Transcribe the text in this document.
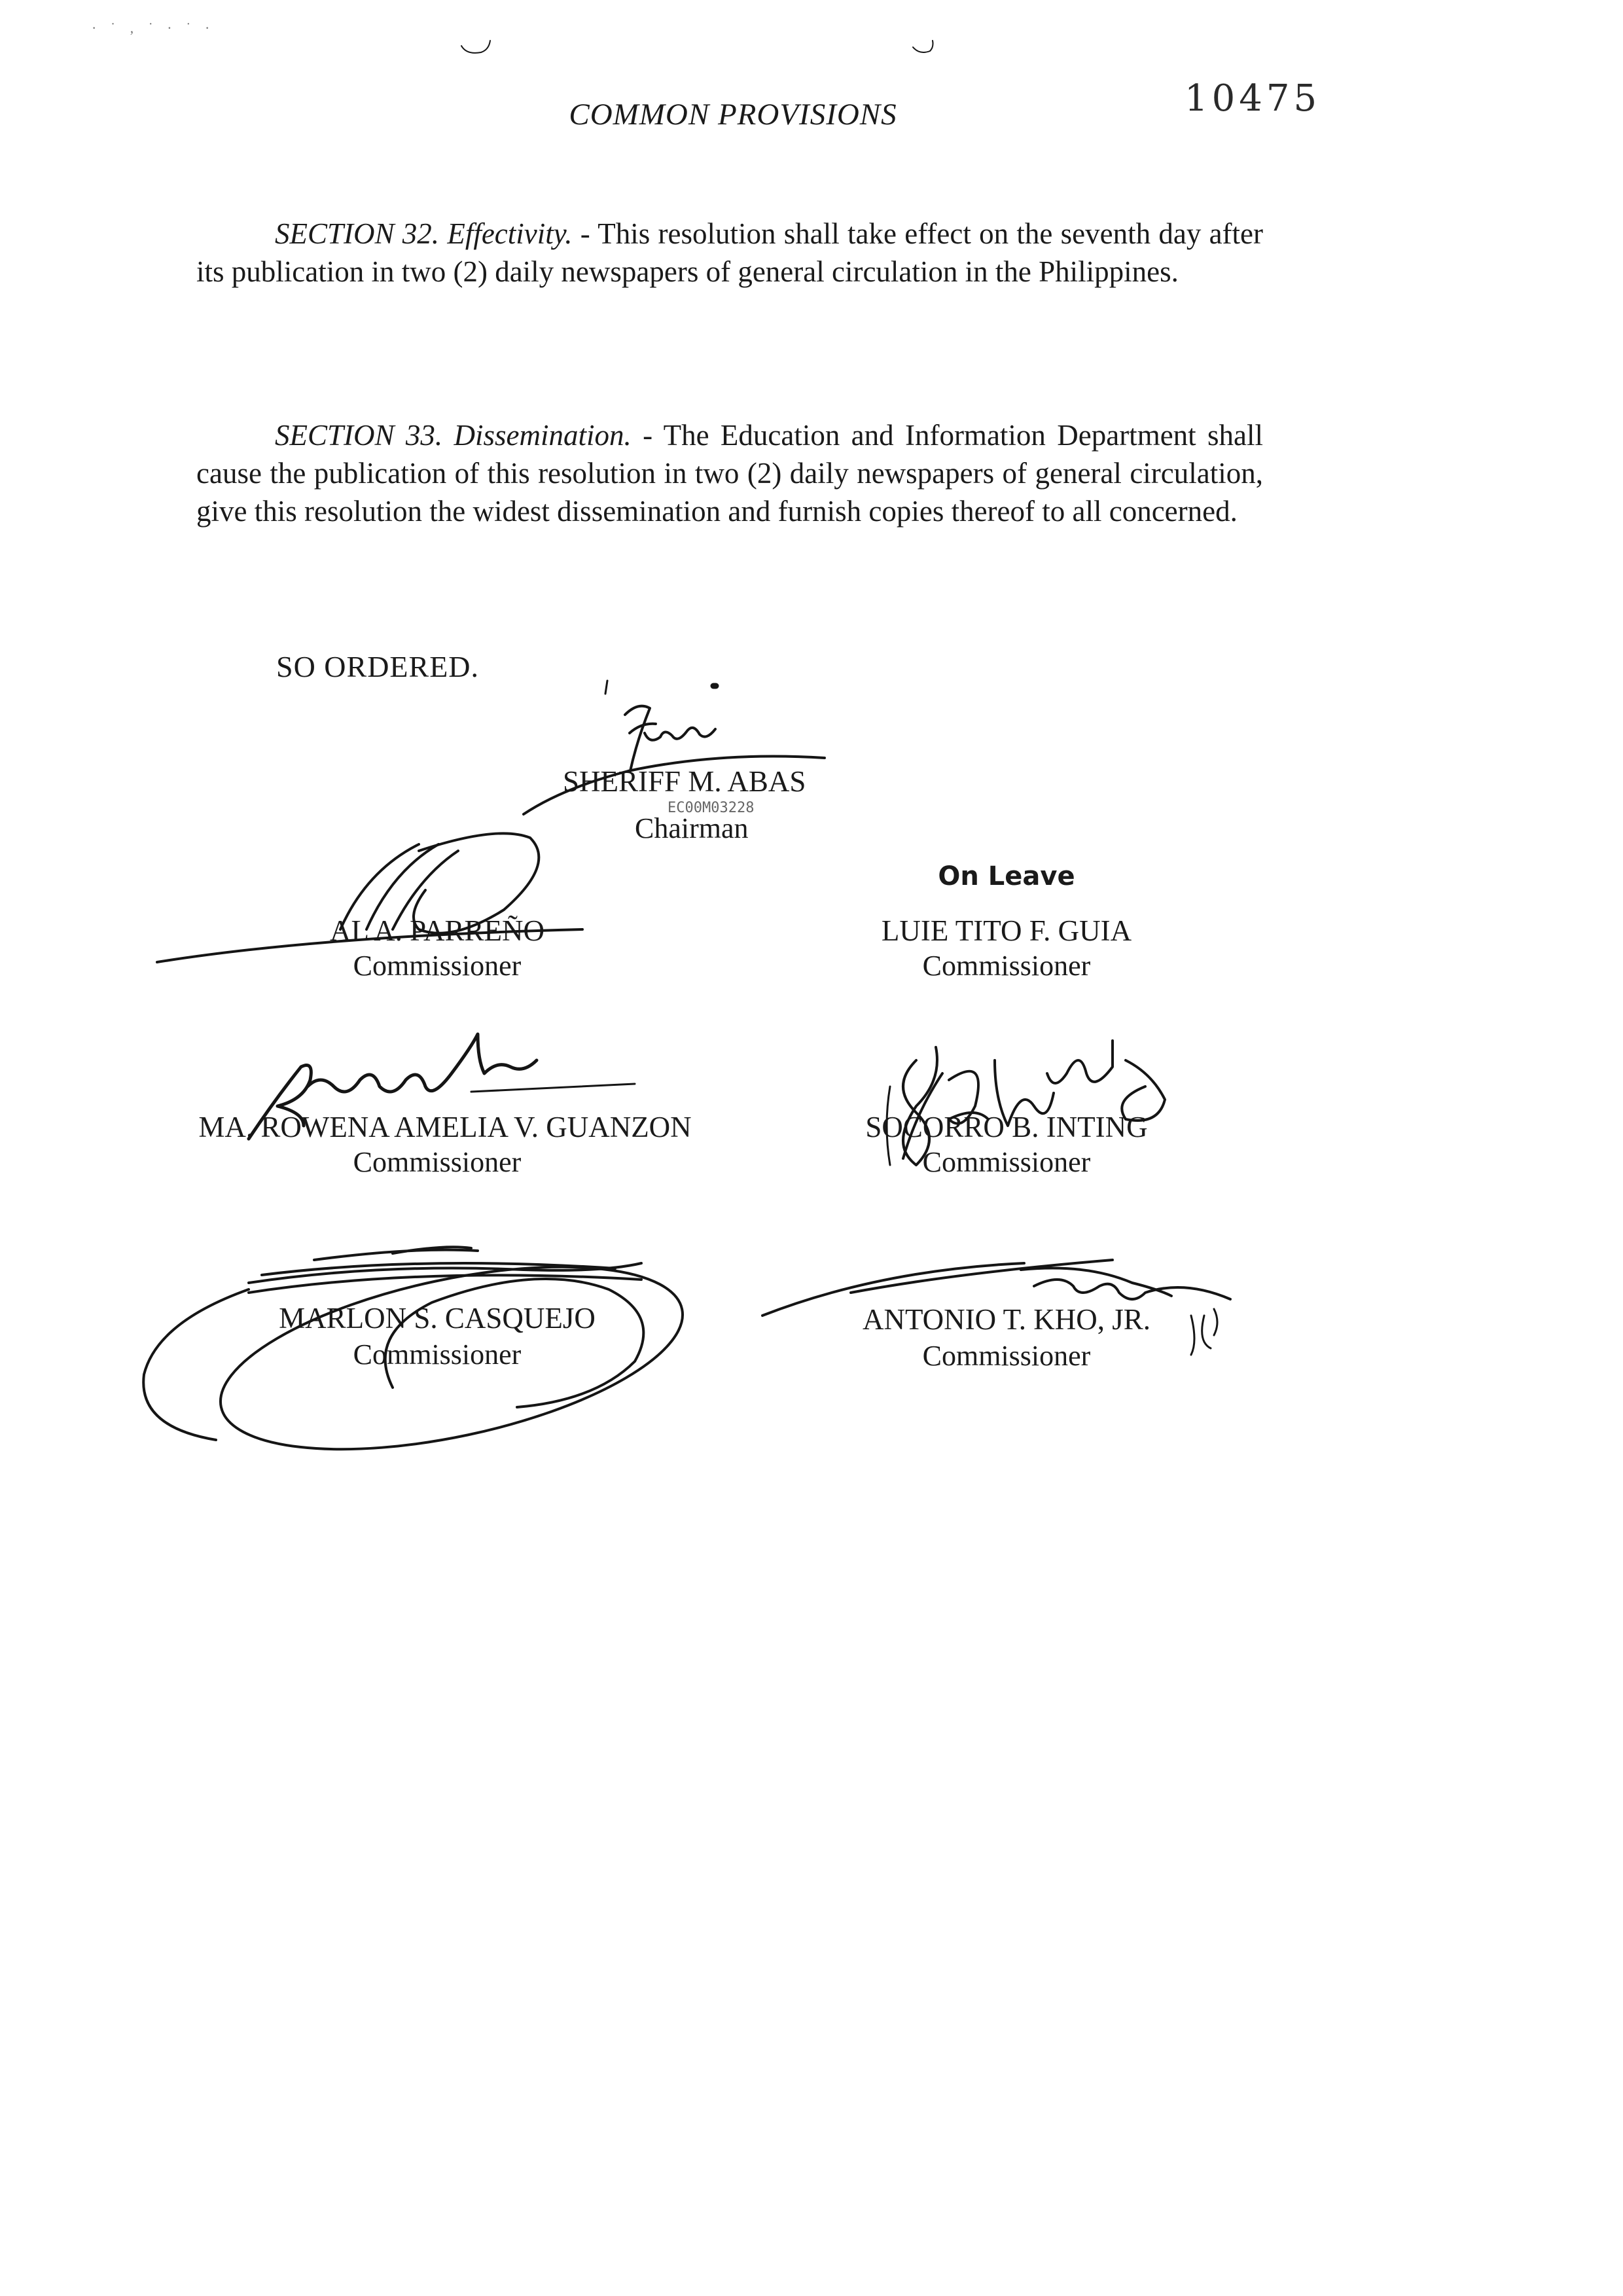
· ˙ ‚ ˙ · ˙ ·
10475
COMMON PROVISIONS
SECTION 32. Effectivity. - This resolution shall take effect on the seventh day after its publication in two (2) daily newspapers of general circulation in the Philippines.
SECTION 33. Dissemination. - The Education and Information Department shall cause the publication of this resolution in two (2) daily newspapers of general circulation, give this resolution the widest dissemination and furnish copies thereof to all concerned.
SO ORDERED.
SHERIFF M. ABAS
EC00M03228
Chairman
AL A. PARREÑO
Commissioner
MA. ROWENA AMELIA V. GUANZON
Commissioner
MARLON S. CASQUEJO
Commissioner
On Leave
LUIE TITO F. GUIA
Commissioner
SOCORRO B. INTING
Commissioner
ANTONIO T. KHO, JR.
Commissioner
